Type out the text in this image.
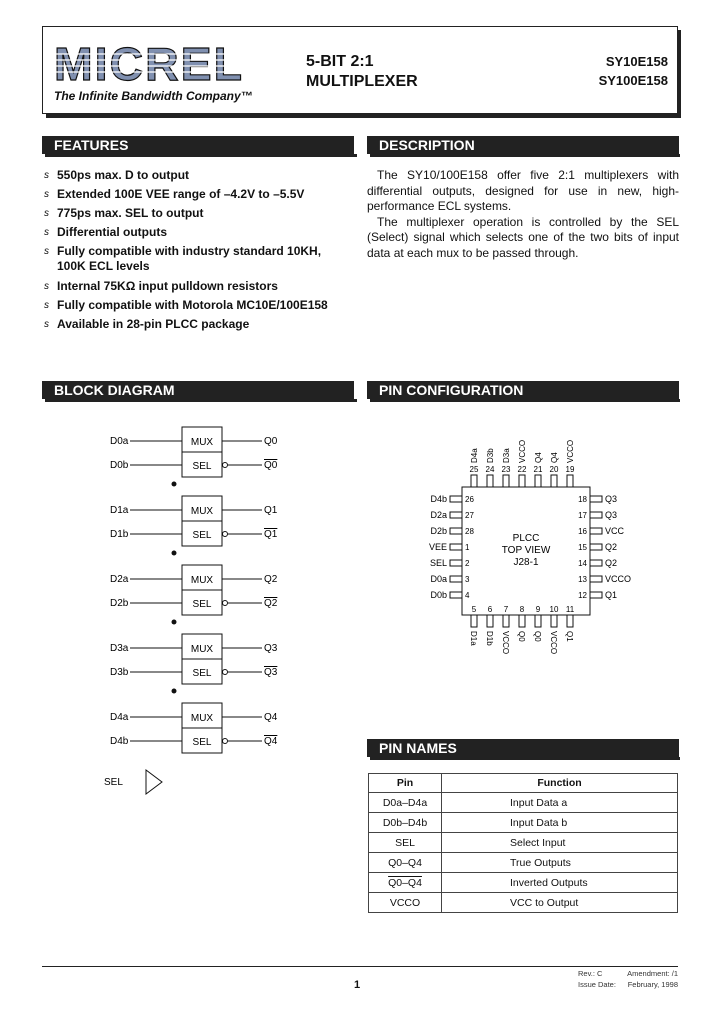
MICREL
The Infinite Bandwidth Company™
5-BIT 2:1
MULTIPLEXER
SY10E158
SY100E158
FEATURES
s 550ps max. D to output
s Extended 100E VEE range of –4.2V to –5.5V
s 775ps max. SEL to output
s Differential outputs
s Fully compatible with industry standard 10KH, 100K ECL levels
s Internal 75KΩ input pulldown resistors
s Fully compatible with Motorola MC10E/100E158
s Available in 28-pin PLCC package
DESCRIPTION

The SY10/100E158 offer five 2:1 multiplexers with differential outputs, designed for use in new, high-performance ECL systems.

The multiplexer operation is controlled by the SEL (Select) signal which selects one of the two bits of input data at each mux to be passed through.

BLOCK DIAGRAM
MUX
SEL
D0a
D0b
Q0
Q0
MUX
SEL
D1a
D1b
Q1
Q1
MUX
SEL
D2a
D2b
Q2
Q2
MUX
SEL
D3a
D3b
Q3
Q3
MUX
SEL
D4a
D4b
Q4
Q4
SEL
PIN CONFIGURATION
PLCC
TOP VIEW
J28-1
25
D4a
24
D3b
23
D3a
22
VCCO
21
Q4
20
Q4
19
VCCO
5
D1a
6
D1b
7
VCCO
8
Q0
9
Q0
10
VCCO
11
Q1
26
D4b
27
D2a
28
D2b
1
VEE
2
SEL
3
D0a
4
D0b
18 Q3
17 Q3
16 VCC
15 Q2
14 Q2
13 VCCO
12 Q1
PIN NAMES
Pin	Function
D0a–D4a	Input Data a
D0b–D4b	Input Data b
SEL	Select Input
Q0–Q4	True Outputs
Q0–Q4	Inverted Outputs
VCCO	VCC to Output
1
Rev.: C	Amendment: /1
Issue Date: February, 1998
